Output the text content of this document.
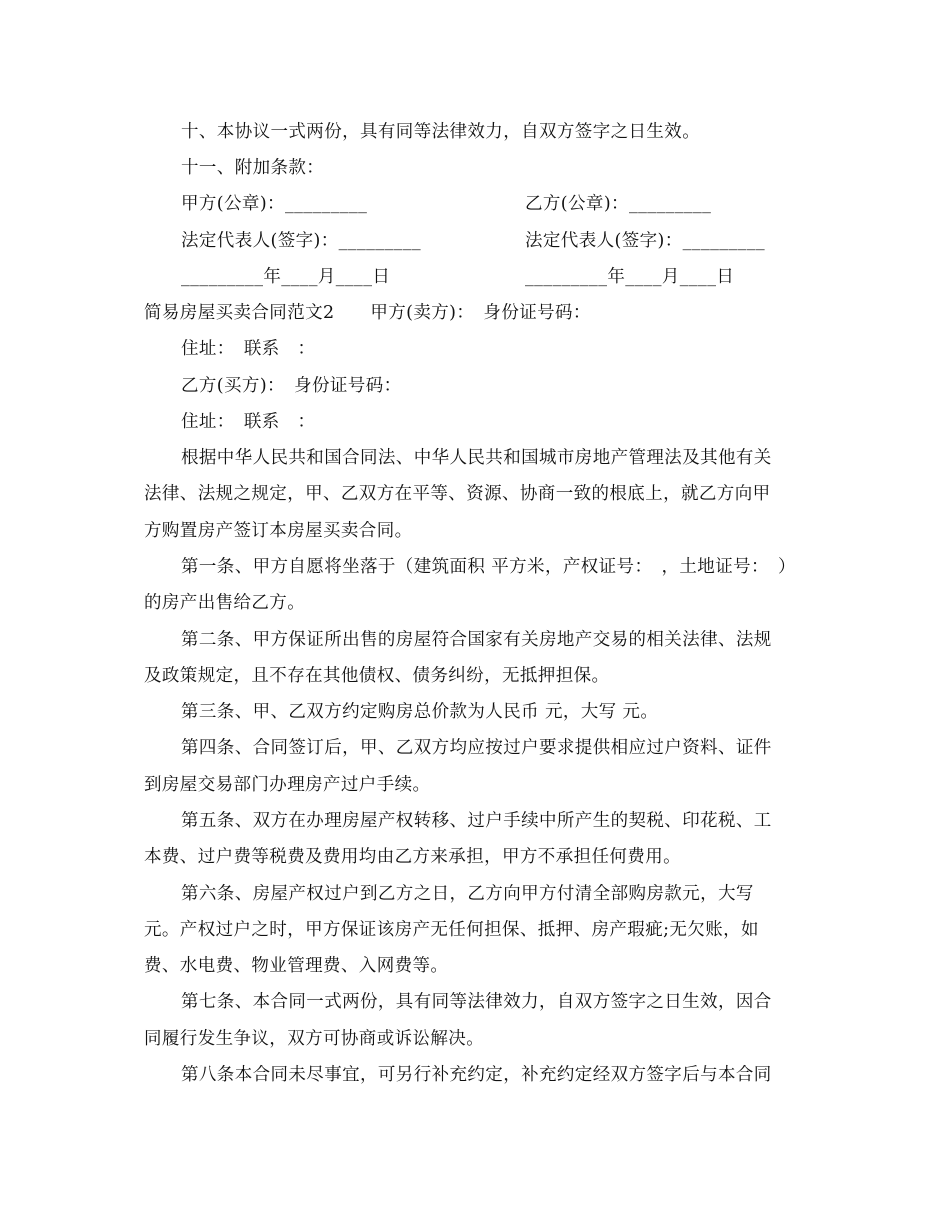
十、本协议一式两份，具有同等法律效力，自双方签字之日生效。
十一、附加条款：
甲方(公章)：_________	乙方(公章)：_________
法定代表人(签字)：_________	法定代表人(签字)：_________
_________年____月____日	_________年____月____日
简易房屋买卖合同范文2　　甲方(卖方)：　身份证号码：
住址：　联系　：
乙方(买方)：　身份证号码：
住址：　联系　：
根据中华人民共和国合同法、中华人民共和国城市房地产管理法及其他有关
法律、法规之规定，甲、乙双方在平等、资源、协商一致的根底上，就乙方向甲
方购置房产签订本房屋买卖合同。
第一条、甲方自愿将坐落于（建筑面积 平方米，产权证号：　，土地证号：　）
的房产出售给乙方。
第二条、甲方保证所出售的房屋符合国家有关房地产交易的相关法律、法规
及政策规定，且不存在其他债权、债务纠纷，无抵押担保。
第三条、甲、乙双方约定购房总价款为人民币 元，大写 元。
第四条、合同签订后，甲、乙双方均应按过户要求提供相应过户资料、证件
到房屋交易部门办理房产过户手续。
第五条、双方在办理房屋产权转移、过户手续中所产生的契税、印花税、工
本费、过户费等税费及费用均由乙方来承担，甲方不承担任何费用。
第六条、房屋产权过户到乙方之日，乙方向甲方付清全部购房款元，大写
元。产权过户之时，甲方保证该房产无任何担保、抵押、房产瑕疵;无欠账，如
费、水电费、物业管理费、入网费等。
第七条、本合同一式两份，具有同等法律效力，自双方签字之日生效，因合
同履行发生争议，双方可协商或诉讼解决。
第八条本合同未尽事宜，可另行补充约定，补充约定经双方签字后与本合同
